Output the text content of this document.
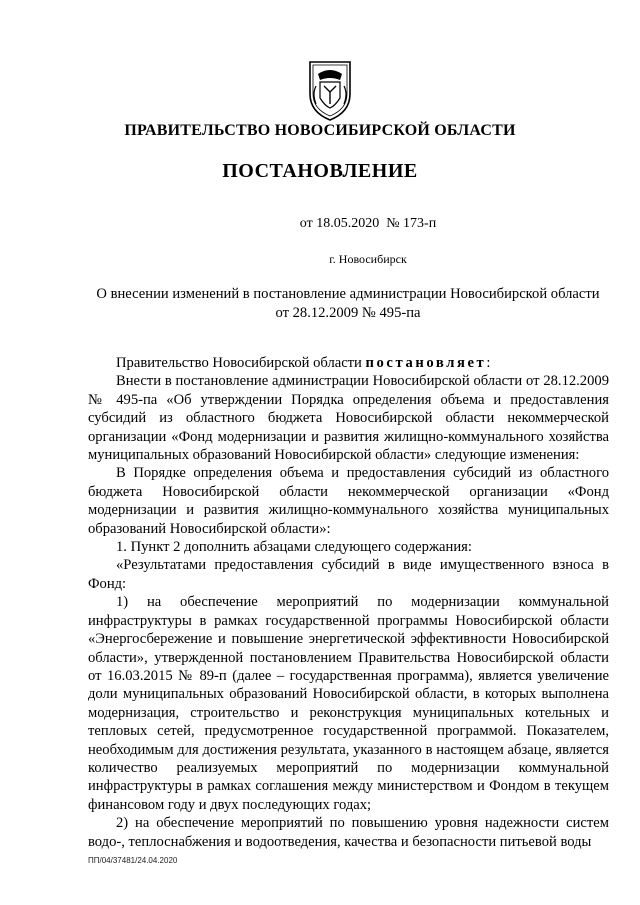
ПРАВИТЕЛЬСТВО НОВОСИБИРСКОЙ ОБЛАСТИ
ПОСТАНОВЛЕНИЕ
от 18.05.2020  № 173-п
г. Новосибирск
О внесении изменений в постановление администрации Новосибирской области от 28.12.2009 № 495-па

Правительство Новосибирской области постановляет:

Внести в постановление администрации Новосибирской области от 28.12.2009 № 495-па «Об утверждении Порядка определения объема и предоставления субсидий из областного бюджета Новосибирской области некоммерческой организации «Фонд модернизации и развития жилищно-коммунального хозяйства муниципальных образований Новосибирской области» следующие изменения:

В Порядке определения объема и предоставления субсидий из областного бюджета Новосибирской области некоммерческой организации «Фонд модернизации и развития жилищно-коммунального хозяйства муниципальных образований Новосибирской области»:

1. Пункт 2 дополнить абзацами следующего содержания:

«Результатами предоставления субсидий в виде имущественного взноса в Фонд:

1) на обеспечение мероприятий по модернизации коммунальной инфраструктуры в рамках государственной программы Новосибирской области «Энергосбережение и повышение энергетической эффективности Новосибирской области», утвержденной постановлением Правительства Новосибирской области от 16.03.2015 № 89-п (далее – государственная программа), является увеличение доли муниципальных образований Новосибирской области, в которых выполнена модернизация, строительство и реконструкция муниципальных котельных и тепловых сетей, предусмотренное государственной программой. Показателем, необходимым для достижения результата, указанного в настоящем абзаце, является количество реализуемых мероприятий по модернизации коммунальной инфраструктуры в рамках соглашения между министерством и Фондом в текущем финансовом году и двух последующих годах;

2) на обеспечение мероприятий по повышению уровня надежности систем водо-, теплоснабжения и водоотведения, качества и безопасности питьевой воды

ПП/04/37481/24.04.2020
